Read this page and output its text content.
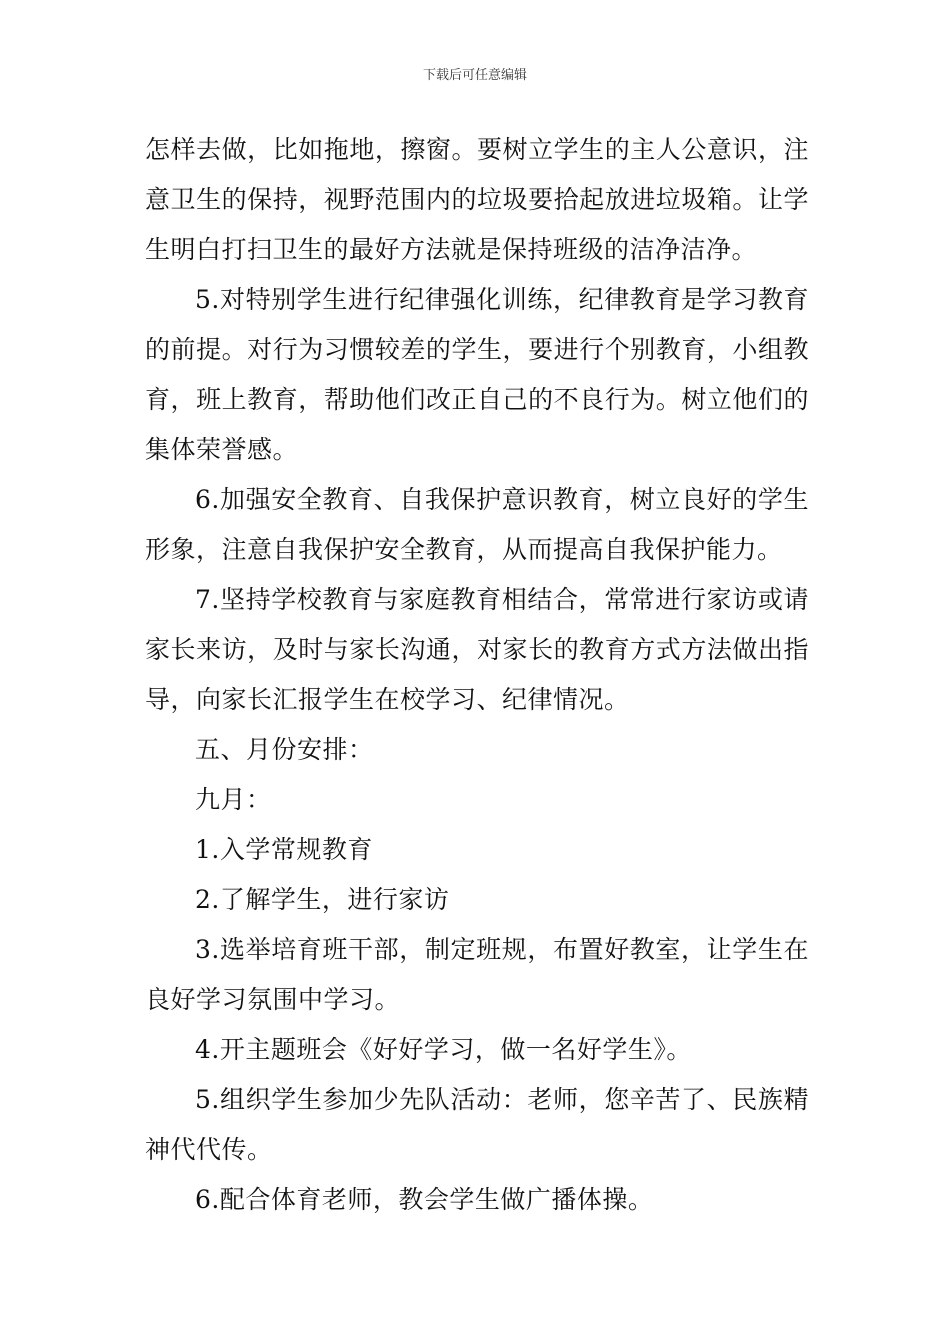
下载后可任意编辑

怎样去做，比如拖地，擦窗。要树立学生的主人公意识，注意卫生的保持，视野范围内的垃圾要拾起放进垃圾箱。让学生明白打扫卫生的最好方法就是保持班级的洁净洁净。

5.对特别学生进行纪律强化训练，纪律教育是学习教育的前提。对行为习惯较差的学生，要进行个别教育，小组教育，班上教育，帮助他们改正自己的不良行为。树立他们的集体荣誉感。

6.加强安全教育、自我保护意识教育，树立良好的学生形象，注意自我保护安全教育，从而提高自我保护能力。

7.坚持学校教育与家庭教育相结合，常常进行家访或请家长来访，及时与家长沟通，对家长的教育方式方法做出指导，向家长汇报学生在校学习、纪律情况。

五、月份安排：

九月：

1.入学常规教育

2.了解学生，进行家访

3.选举培育班干部，制定班规，布置好教室，让学生在良好学习氛围中学习。

4.开主题班会《好好学习，做一名好学生》。

5.组织学生参加少先队活动：老师，您辛苦了、民族精神代代传。

6.配合体育老师，教会学生做广播体操。
